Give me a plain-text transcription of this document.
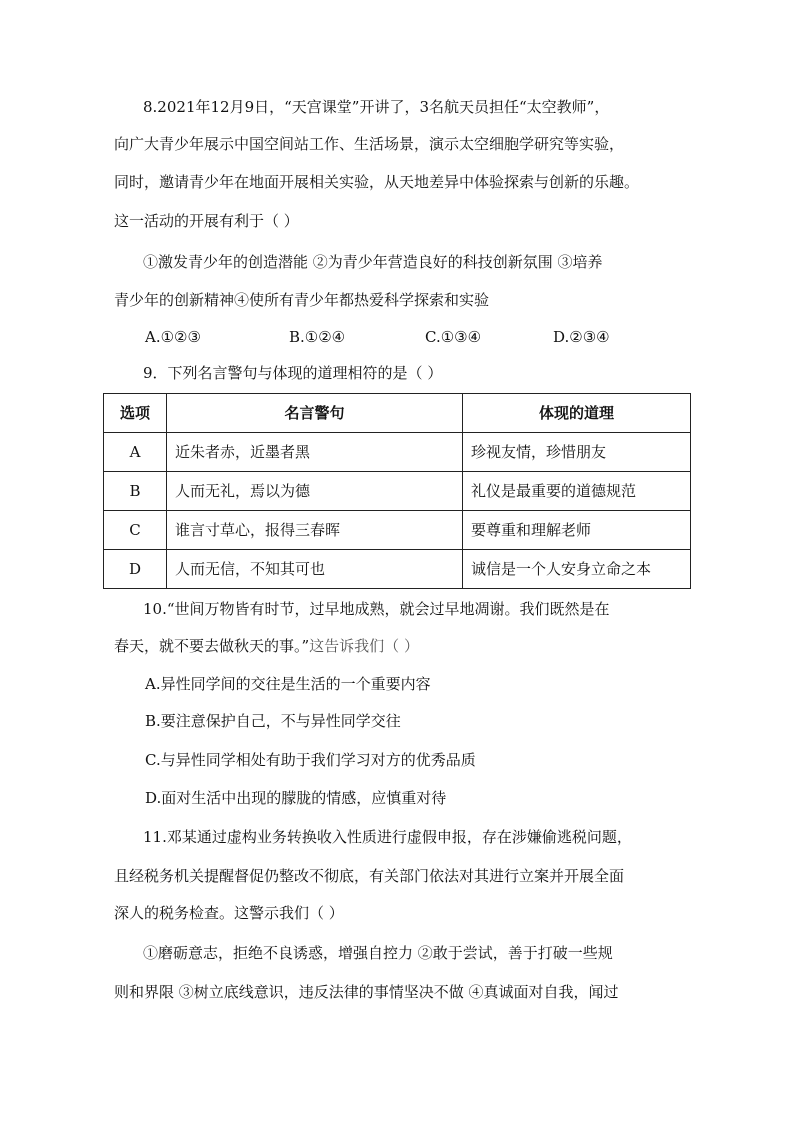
8.2021年12月9日，“天宫课堂”开讲了，3名航天员担任“太空教师”，
向广大青少年展示中国空间站工作、生活场景，演示太空细胞学研究等实验，
同时，邀请青少年在地面开展相关实验，从天地差异中体验探索与创新的乐趣。
这一活动的开展有利于（ ）
①激发青少年的创造潜能 ②为青少年营造良好的科技创新氛围 ③培养
青少年的创新精神④使所有青少年都热爱科学探索和实验
A.①②③	B.①②④	C.①③④	D.②③④
9．下列名言警句与体现的道理相符的是（ ）
选项	名言警句	体现的道理
A	近朱者赤，近墨者黑	珍视友情，珍惜朋友
B	人而无礼，焉以为德	礼仪是最重要的道德规范
C	谁言寸草心，报得三春晖	要尊重和理解老师
D	人而无信，不知其可也	诚信是一个人安身立命之本
10.“世间万物皆有时节，过早地成熟，就会过早地凋谢。我们既然是在
春天，就不要去做秋天的事。”这告诉我们（ ）
A.异性同学间的交往是生活的一个重要内容
B.要注意保护自己，不与异性同学交往
C.与异性同学相处有助于我们学习对方的优秀品质
D.面对生活中出现的朦胧的情感，应慎重对待
11.邓某通过虚构业务转换收入性质进行虚假申报，存在涉嫌偷逃税问题，
且经税务机关提醒督促仍整改不彻底，有关部门依法对其进行立案并开展全面
深人的税务检查。这警示我们（ ）
①磨砺意志，拒绝不良诱惑，增强自控力 ②敢于尝试，善于打破一些规
则和界限 ③树立底线意识，违反法律的事情坚决不做 ④真诚面对自我，闻过
